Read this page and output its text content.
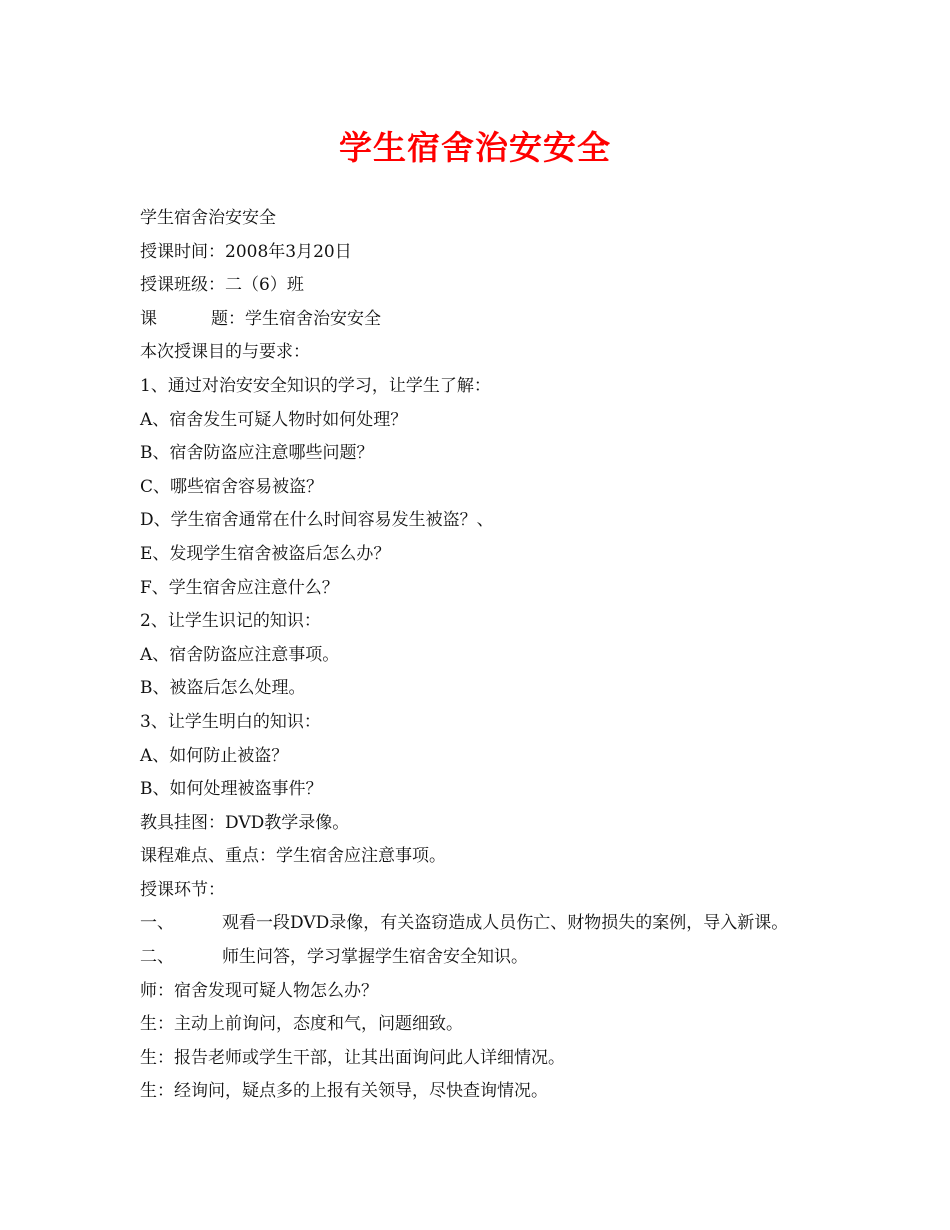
学生宿舍治安安全
学生宿舍治安安全
授课时间：2008年3月20日
授课班级：二（6）班
课	题：学生宿舍治安安全
本次授课目的与要求：
1、通过对治安安全知识的学习，让学生了解：
A、宿舍发生可疑人物时如何处理？
B、宿舍防盗应注意哪些问题？
C、哪些宿舍容易被盗？
D、学生宿舍通常在什么时间容易发生被盗？、
E、发现学生宿舍被盗后怎么办？
F、学生宿舍应注意什么？
2、让学生识记的知识：
A、宿舍防盗应注意事项。
B、被盗后怎么处理。
3、让学生明白的知识：
A、如何防止被盗？
B、如何处理被盗事件？
教具挂图：DVD教学录像。
课程难点、重点：学生宿舍应注意事项。
授课环节：
一、	观看一段DVD录像，有关盗窃造成人员伤亡、财物损失的案例，导入新课。
二、	师生问答，学习掌握学生宿舍安全知识。
师：宿舍发现可疑人物怎么办？
生：主动上前询问，态度和气，问题细致。
生：报告老师或学生干部，让其出面询问此人详细情况。
生：经询问，疑点多的上报有关领导，尽快查询情况。
